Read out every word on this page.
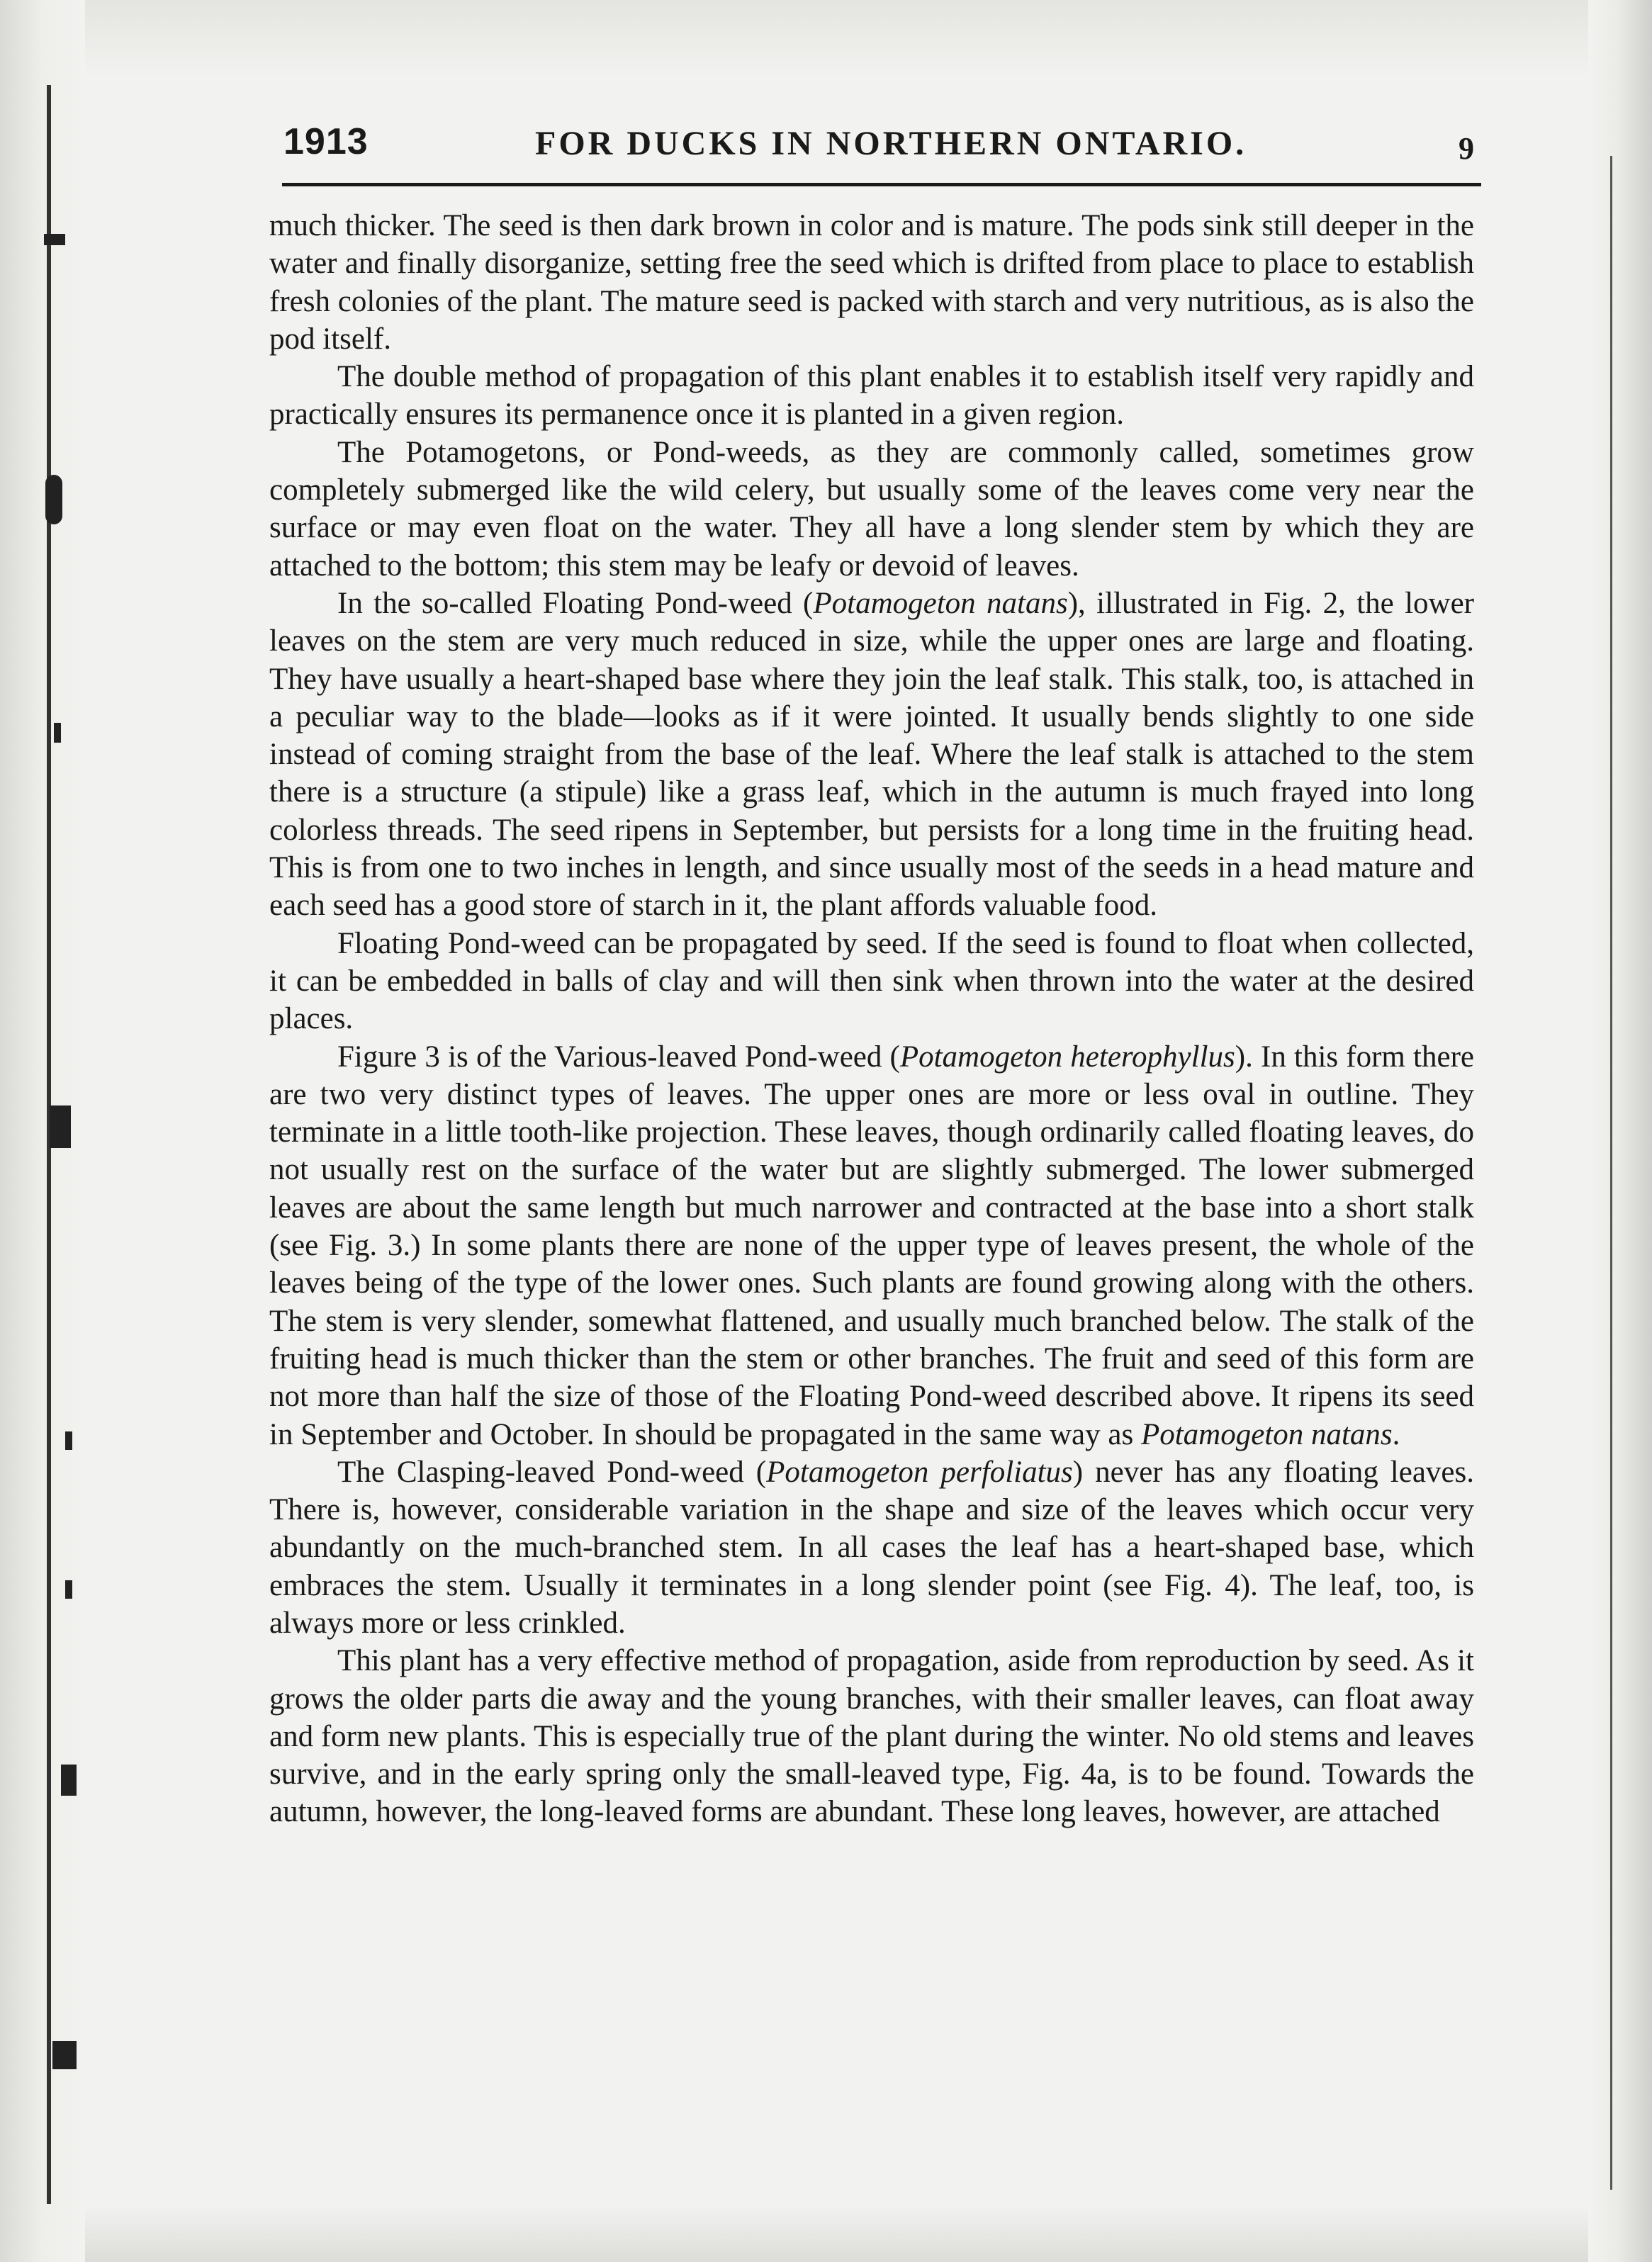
1913	FOR DUCKS IN NORTHERN ONTARIO.	9

much thicker. The seed is then dark brown in color and is mature. The pods sink still deeper in the water and finally disorganize, setting free the seed which is drifted from place to place to establish fresh colonies of the plant. The mature seed is packed with starch and very nutritious, as is also the pod itself.

The double method of propagation of this plant enables it to establish itself very rapidly and practically ensures its permanence once it is planted in a given region.

The Potamogetons, or Pond-weeds, as they are commonly called, sometimes grow completely submerged like the wild celery, but usually some of the leaves come very near the surface or may even float on the water. They all have a long slender stem by which they are attached to the bottom; this stem may be leafy or devoid of leaves.

In the so-called Floating Pond-weed (Potamogeton natans), illustrated in Fig. 2, the lower leaves on the stem are very much reduced in size, while the upper ones are large and floating. They have usually a heart-shaped base where they join the leaf stalk. This stalk, too, is attached in a peculiar way to the blade—looks as if it were jointed. It usually bends slightly to one side instead of coming straight from the base of the leaf. Where the leaf stalk is attached to the stem there is a structure (a stipule) like a grass leaf, which in the autumn is much frayed into long colorless threads. The seed ripens in September, but persists for a long time in the fruiting head. This is from one to two inches in length, and since usually most of the seeds in a head mature and each seed has a good store of starch in it, the plant affords valuable food.

Floating Pond-weed can be propagated by seed. If the seed is found to float when collected, it can be embedded in balls of clay and will then sink when thrown into the water at the desired places.

Figure 3 is of the Various-leaved Pond-weed (Potamogeton heterophyllus). In this form there are two very distinct types of leaves. The upper ones are more or less oval in outline. They terminate in a little tooth-like projection. These leaves, though ordinarily called floating leaves, do not usually rest on the surface of the water but are slightly submerged. The lower submerged leaves are about the same length but much narrower and contracted at the base into a short stalk (see Fig. 3.) In some plants there are none of the upper type of leaves present, the whole of the leaves being of the type of the lower ones. Such plants are found growing along with the others. The stem is very slender, somewhat flattened, and usually much branched below. The stalk of the fruiting head is much thicker than the stem or other branches. The fruit and seed of this form are not more than half the size of those of the Floating Pond-weed described above. It ripens its seed in September and October. In should be propagated in the same way as Potamogeton natans.

The Clasping-leaved Pond-weed (Potamogeton perfoliatus) never has any floating leaves. There is, however, considerable variation in the shape and size of the leaves which occur very abundantly on the much-branched stem. In all cases the leaf has a heart-shaped base, which embraces the stem. Usually it terminates in a long slender point (see Fig. 4). The leaf, too, is always more or less crinkled.

This plant has a very effective method of propagation, aside from reproduction by seed. As it grows the older parts die away and the young branches, with their smaller leaves, can float away and form new plants. This is especially true of the plant during the winter. No old stems and leaves survive, and in the early spring only the small-leaved type, Fig. 4a, is to be found. Towards the autumn, however, the long-leaved forms are abundant. These long leaves, however, are attached
